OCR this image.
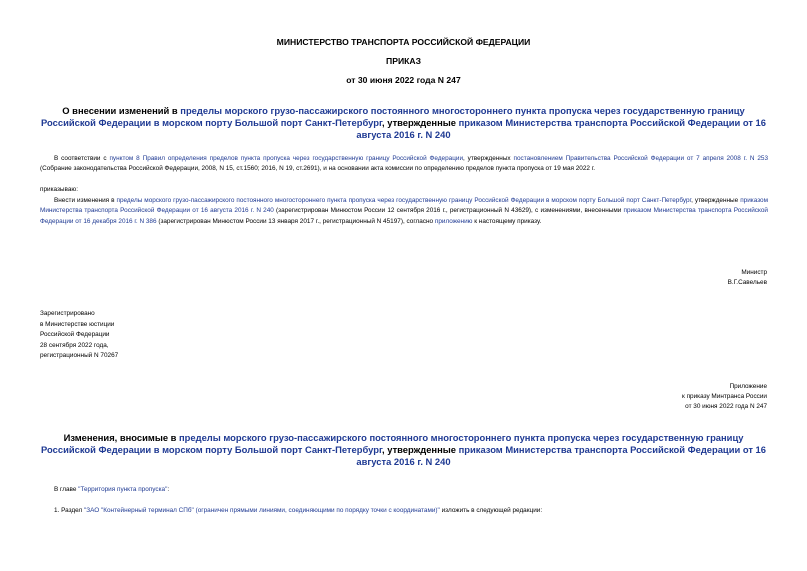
МИНИСТЕРСТВО ТРАНСПОРТА РОССИЙСКОЙ ФЕДЕРАЦИИ
ПРИКАЗ
от 30 июня 2022 года N 247
О внесении изменений в пределы морского грузо-пассажирского постоянного многостороннего пункта пропуска через государственную границу Российской Федерации в морском порту Большой порт Санкт-Петербург, утвержденные приказом Министерства транспорта Российской Федерации от 16 августа 2016 г. N 240
В соответствии с пунктом 8 Правил определения пределов пункта пропуска через государственную границу Российской Федерации, утвержденных постановлением Правительства Российской Федерации от 7 апреля 2008 г. N 253 (Собрание законодательства Российской Федерации, 2008, N 15, ст.1560; 2016, N 19, ст.2691), и на основании акта комиссии по определению пределов пункта пропуска от 19 мая 2022 г.
приказываю:
Внести изменения в пределы морского грузо-пассажирского постоянного многостороннего пункта пропуска через государственную границу Российской Федерации в морском порту Большой порт Санкт-Петербург, утвержденные приказом Министерства транспорта Российской Федерации от 16 августа 2016 г. N 240 (зарегистрирован Минюстом России 12 сентября 2016 г., регистрационный N 43629), с изменениями, внесенными приказом Министерства транспорта Российской Федерации от 16 декабря 2016 г. N 386 (зарегистрирован Минюстом России 13 января 2017 г., регистрационный N 45197), согласно приложению к настоящему приказу.
Министр
В.Г.Савельев
Зарегистрировано
в Министерстве юстиции
Российской Федерации
28 сентября 2022 года,
регистрационный N 70267
Приложение
к приказу Минтранса России
от 30 июня 2022 года N 247
Изменения, вносимые в пределы морского грузо-пассажирского постоянного многостороннего пункта пропуска через государственную границу Российской Федерации в морском порту Большой порт Санкт-Петербург, утвержденные приказом Министерства транспорта Российской Федерации от 16 августа 2016 г. N 240
В главе "Территория пункта пропуска":
1. Раздел "ЗАО "Контейнерный терминал СПб" (ограничен прямыми линиями, соединяющими по порядку точки с координатами)" изложить в следующей редакции:
